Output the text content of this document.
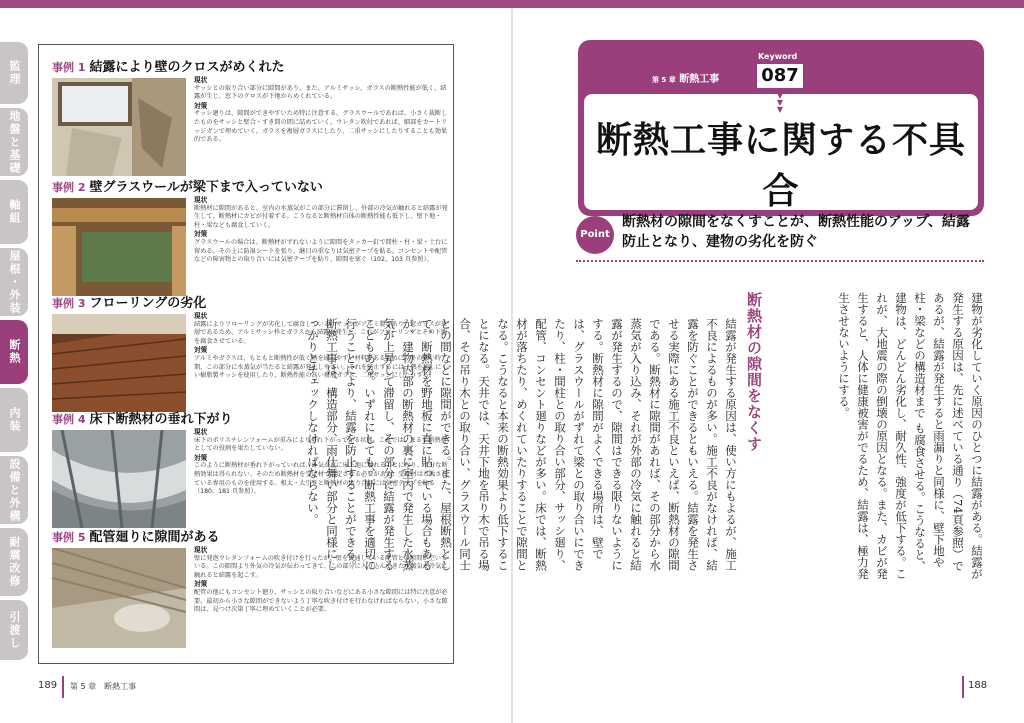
監理
地盤と基礎
軸組
屋根・外装
断熱
内装
設備と外構
耐震改修
引渡し
事例 1 結露により壁のクロスがめくれた

現状

サッシとの取り合い部分に隙間があり、また、アルミサッシ、ガラスの断熱性能が低く、結露が生じ、窓下のクロスが下地からめくれている。

対策

サッシ廻りは、隙間ができやすいため特に注意する。グラスウールであれば、小さく裁断したものをサッシと壁合・すき間の間に詰めていく。ウレタン吹付であれば、細部をカートリッジガンで埋めていく。ガラスを複層ガラスにしたり、二重サッシにしたりすることも効果的である。

事例 2 壁グラスウールが梁下まで入っていない

現状

断熱材に隙間があると、室内の水蒸気がこの部分に滞留し、外部の冷気が触れると結露が発生して、断熱材にカビが付着する。こうなると断熱材自体の断熱性能も低下し、壁下地・柱・梁なども腐食していく。

対策

グラスウールの場合は、断熱材がずれないように隙間をタッカー釘で間柱・柱・梁・土台に留める。その上に防湿シートを張り、継目の重なりは気密テープを貼る。コンセントや配管などの障害物との取り合いには気密テープを貼り、隙間を塞ぐ（102、103 頁参照）。

事例 3 フローリングの劣化

現状

結露によりフローリングが劣化して腐食している。サッシがアルミ製であり、窓ガラスが単層であるため、アルミサッシ枠とガラスから結露が発生し、これがフローリングとその下地を腐食させている。

対策

アルミやガラスは、もともと断熱性が低く熱を通しやすい材料であるために、冬の寒い時期、この部分に水蒸気が当たると結露が発生しやすい。それを防止するには、熱を通しにくい樹脂製サッシを使用したり、断熱性能の高い複層ガラス、二重サッシにしたりする。

事例 4 床下断熱材の垂れ下がり

現状

床下のポリスチレンフォームが重みにより垂れ下がっている状態。これでは、まるで断熱材としての役割を果たしていない。

対策

このように断熱材が垂れ下がっていれば、外気が直に床下地に触れることになり、十分な断熱効果は得られない。そのため断熱材を受け材で固定させる必要がある。受け材は市販されている専用のものを使用する。根太・大引きと断熱材の取り合いには気密テープを貼る（180、181 頁参照）。

事例 5 配管廻りに隙間がある

現状

壁に発泡ウレタンフォームの吹き付けを行ったが、壁を貫通している配管との隙間が空いている。この隙間より外気の冷気が伝わってきて、この部分に入り込んできた水蒸気が冷気に触れると結露を起こす。

対策

配管の他にもコンセント廻り、サッシとの取り合いなどにある小さな隙間には特に注意が必要。最初から小さな隙間ができないよう丁寧な吹き付けを行わなければならない。小さな隙間は、見つけ次第丁寧に埋めていくことが必要。

189 第 5 章　断熱工事
第 5 章 断熱工事
Keyword
087
▼
▼
▼
断熱工事に関する不具合
Point
断熱材の隙間をなくすことが、断熱性能のアップ、結露防止となり、建物の劣化を防ぐ
建物が劣化していく原因のひとつに結露がある。結露が発生する原因は、先に述べている通り（74頁参照）であるが、結露が発生すると雨漏りと同様に、壁下地や柱・梁などの構造材まで も腐食させる。こうなると、建物は、どんどん劣化し、耐久性、強度が低下する。これが、大地震の際の倒壊の原因となる。また、カビが発生すると、人体に健康被害がでるため、結露は、極力発生させないようにする。
断熱材の隙間をなくす
結露が発生する原因は、使い方にもよるが、施工不良によるものが多い。施工不良がなければ、結露を防ぐことができるともいえる。結露を発生させる実際にある施工不良といえば、断熱材の隙間である。断熱材に隙間があれば、その部分から水蒸気が入り込み、それが外部の冷気に触れると結露が発生するので、隙間はできる限りないようにする。断熱材に隙間がよくできる場所は、壁では、グラスウールがずれて梁との取り合いにできたり、柱・間柱との取り合い部分、サッシ廻り、配管、コンセント廻りなどが多い。床では、断熱材が落ちたり、めくれていたりすることで隙間となる。こうなると本来の断熱効果より低下することになる。天井では、天井下地を吊り木で吊る場合、その吊り木との取り合い、グラスウール同士との間などに隙間ができる。また、屋根断熱として、断熱材を野地板に直に貼っている場合もあるが、建物内部の断熱材の裏に室内で発生した水蒸気が上昇して滞留し、その部分に結露が発生することもある。いずれにしても、断熱工事を適切に行うことにより、結露を防止することができる。断熱工事は、構造部分、雨仕舞い部分と同様にしっかりとチェックしなければならない。
188
